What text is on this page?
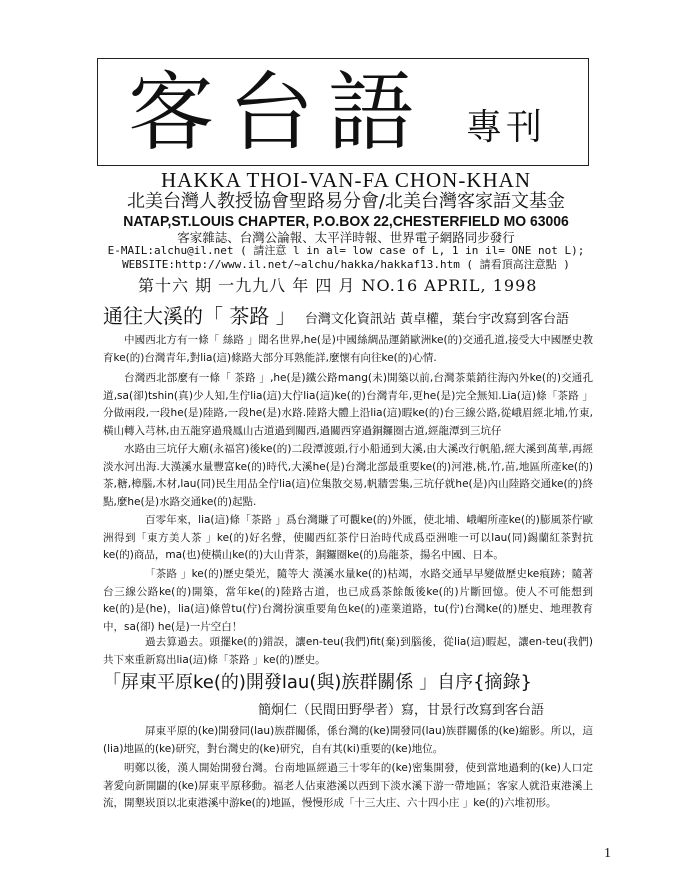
客台語 專刊
HAKKA THOI-VAN-FA CHON-KHAN
北美台灣人教授協會聖路易分會/北美台灣客家語文基金
NATAP,ST.LOUIS CHAPTER, P.O.BOX 22,CHESTERFIELD MO 63006
客家雜誌、台灣公論報、太平洋時報、世界電子網路同步發行
E-MAIL:alchu@il.net ( 請注意 l in al= low case of L, 1 in il= ONE not L);
WEBSITE:http://www.il.net/~alchu/hakka/hakkaf13.htm ( 請看頂高注意點 )
第十六 期 一九九八 年 四 月 NO.16 APRIL, 1998
通往大溪的「 茶路 」 台灣文化資訊站 黃卓權，葉台宇改寫到客台語

中國西北方有一條「 絲路 」聞名世界,he(是)中國絲綢品運銷歐洲ke(的)交通孔道,接受大中國歷史教育ke(的)台灣青年,對lia(這)條路大部分耳熟能詳,麼懷有向往ke(的)心情.

台灣西北部麼有一條「 茶路 」,he(是)鐵公路mang(未)開築以前,台灣茶葉銷往海內外ke(的)交通孔道,sa(卻)tshin(真)少人知,生佇lia(這)大佇lia(這)ke(的)台灣青年,更he(是)完全無知.Lia(這)條「茶路 」分做兩段,一段he(是)陸路,一段he(是)水路.陸路大體上沿lia(這)暇ke(的)台三線公路,從峨眉經北埔,竹東,橫山轉入芎林,由五龍穿過飛鳳山古道過到關西,過關西穿過銅鑼圈古道,經龍潭到三坑仔

水路由三坑仔大廟(永福宮)後ke(的)二段潭渡頭,行小船通到大溪,由大溪改行帆船,經大溪到萬華,再經淡水河出海.大漢溪水量豐富ke(的)時代,大溪he(是)台灣北部最重要ke(的)河港,桃,竹,苗,地區所產ke(的)茶,糖,樟腦,木材,lau(同)民生用品全佇lia(這)位集散交易,帆牆雲集,三坑仔就he(是)內山陸路交通ke(的)終點,麼he(是)水路交通ke(的)起點.

百零年來，lia(這)條「茶路 」爲台灣賺了可觀ke(的)外匯，使北埔、峨嵋所產ke(的)膨風茶佇歐洲得到「東方美人茶 」ke(的)好名聲，使關西紅茶佇日治時代成爲亞洲唯一可以lau(同)錫蘭紅茶對抗ke(的)商品，ma(也)使橫山ke(的)大山背茶，銅鑼圈ke(的)烏龍茶，揚名中國、日本。

「茶路 」ke(的)歷史榮光，隨等大 漢溪水量ke(的)枯竭，水路交通早早變做歷史ke痕跡；隨著台三線公路ke(的)開築，當年ke(的)陸路古道，也已成爲茶餘飯後ke(的)片斷回憶。使人不可能想到ke(的)是(he)，lia(這)條曾tu(佇)台灣扮演重要角色ke(的)產業道路，tu(佇)台灣ke(的)歷史、地理教育中，sa(卻) he(是)一片空白！

過去算過去。頭擺ke(的)錯誤，讓en-teu(我們)fit(棄)到腦後，從lia(這)暇起，讓en-teu(我們)共下來重新寫出lia(這)條「茶路 」ke(的)歷史。

「屏東平原ke(的)開發lau(與)族群關係 」自序{摘錄}
簡炯仁（民間田野學者）寫，甘景行改寫到客台語

屏東平原的(ke)開發同(lau)族群關係，係台灣的(ke)開發同(lau)族群關係的(ke)縮影。所以，這(lia)地區的(ke)研究，對台灣史的(ke)研究，自有其(ki)重要的(ke)地位。

明鄭以後，漢人開始開發台灣。台南地區經過三十零年的(ke)密集開發，使到當地過剩的(ke)人口定著愛向新開闢的(ke)屏東平原移動。福老人佔東港溪以西到下淡水溪下游一帶地區；客家人就沿東港溪上流，開墾崁頂以北東港溪中游ke(的)地區，慢慢形成「十三大庄、六十四小庄 」ke(的)六堆初形。

1
